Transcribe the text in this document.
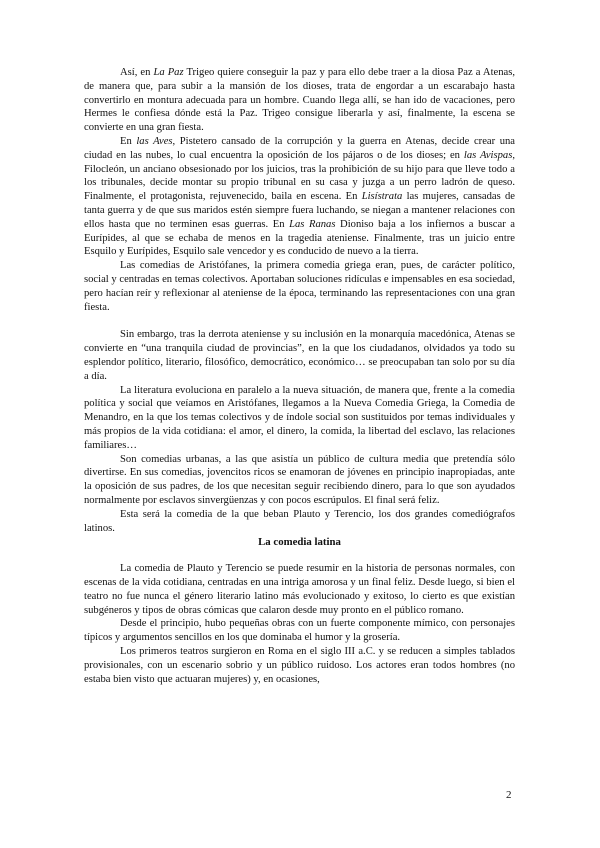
Así, en La Paz Trigeo quiere conseguir la paz y para ello debe traer a la diosa Paz a Atenas, de manera que, para subir a la mansión de los dioses, trata de engordar a un escarabajo hasta convertirlo en montura adecuada para un hombre. Cuando llega allí, se han ido de vacaciones, pero Hermes le confiesa dónde está la Paz. Trigeo consigue liberarla y así, finalmente, la escena se convierte en una gran fiesta.

En las Aves, Pistetero cansado de la corrupción y la guerra en Atenas, decide crear una ciudad en las nubes, lo cual encuentra la oposición de los pájaros o de los dioses; en las Avispas, Filocleón, un anciano obsesionado por los juicios, tras la prohibición de su hijo para que lleve todo a los tribunales, decide montar su propio tribunal en su casa y juzga a un perro ladrón de queso. Finalmente, el protagonista, rejuvenecido, baila en escena. En Lisístrata las mujeres, cansadas de tanta guerra y de que sus maridos estén siempre fuera luchando, se niegan a mantener relaciones con ellos hasta que no terminen esas guerras. En Las Ranas Dioniso baja a los infiernos a buscar a Eurípides, al que se echaba de menos en la tragedia ateniense. Finalmente, tras un juicio entre Esquilo y Eurípides, Esquilo sale vencedor y es conducido de nuevo a la tierra.

Las comedias de Aristófanes, la primera comedia griega eran, pues, de carácter político, social y centradas en temas colectivos. Aportaban soluciones ridículas e impensables en esa sociedad, pero hacían reír y reflexionar al ateniense de la época, terminando las representaciones con una gran fiesta.

Sin embargo, tras la derrota ateniense y su inclusión en la monarquía macedónica, Atenas se convierte en “una tranquila ciudad de provincias”, en la que los ciudadanos, olvidados ya todo su esplendor político, literario, filosófico, democrático, económico… se preocupaban tan solo por su día a día.

La literatura evoluciona en paralelo a la nueva situación, de manera que, frente a la comedia política y social que veíamos en Aristófanes, llegamos a la Nueva Comedia Griega, la Comedia de Menandro, en la que los temas colectivos y de índole social son sustituidos por temas individuales y más propios de la vida cotidiana: el amor, el dinero, la comida, la libertad del esclavo, las relaciones familiares…

Son comedias urbanas, a las que asistía un público de cultura media que pretendía sólo divertirse. En sus comedias, jovencitos ricos se enamoran de jóvenes en principio inapropiadas, ante la oposición de sus padres, de los que necesitan seguir recibiendo dinero, para lo que son ayudados normalmente por esclavos sinvergüenzas y con pocos escrúpulos. El final será feliz.

Esta será la comedia de la que beban Plauto y Terencio, los dos grandes comediógrafos latinos.

La comedia latina

La comedia de Plauto y Terencio se puede resumir en la historia de personas normales, con escenas de la vida cotidiana, centradas en una intriga amorosa y un final feliz. Desde luego, si bien el teatro no fue nunca el género literario latino más evolucionado y exitoso, lo cierto es que existían subgéneros y tipos de obras cómicas que calaron desde muy pronto en el público romano.

Desde el principio, hubo pequeñas obras con un fuerte componente mímico, con personajes típicos y argumentos sencillos en los que dominaba el humor y la grosería.

Los primeros teatros surgieron en Roma en el siglo III a.C. y se reducen a simples tablados provisionales, con un escenario sobrio y un público ruidoso. Los actores eran todos hombres (no estaba bien visto que actuaran mujeres) y, en ocasiones,

2
